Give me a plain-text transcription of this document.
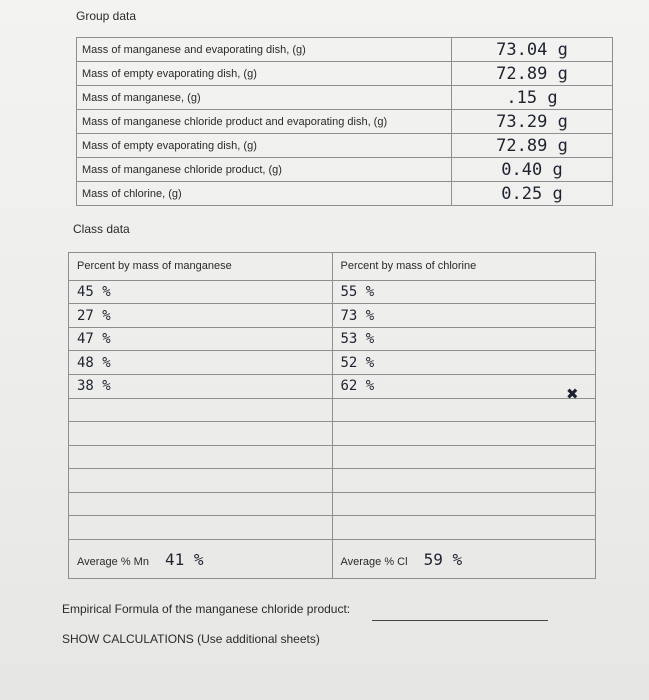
Group data
Mass of manganese and evaporating dish, (g)	73.04 g
Mass of empty evaporating dish, (g)	72.89 g
Mass of manganese, (g)	.15 g
Mass of manganese chloride product and evaporating dish, (g)	73.29 g
Mass of empty evaporating dish, (g)	72.89 g
Mass of manganese chloride product, (g)	0.40 g
Mass of chlorine, (g)	0.25 g
Class data
Percent by mass of manganese	Percent by mass of chlorine
45 %	55 %
27 %	73 %
47 %	53 %
48 %	52 %
38 %	62 %

Average % Mn 41 %	Average % Cl 59 %
✖
Empirical Formula of the manganese chloride product:
SHOW CALCULATIONS (Use additional sheets)
